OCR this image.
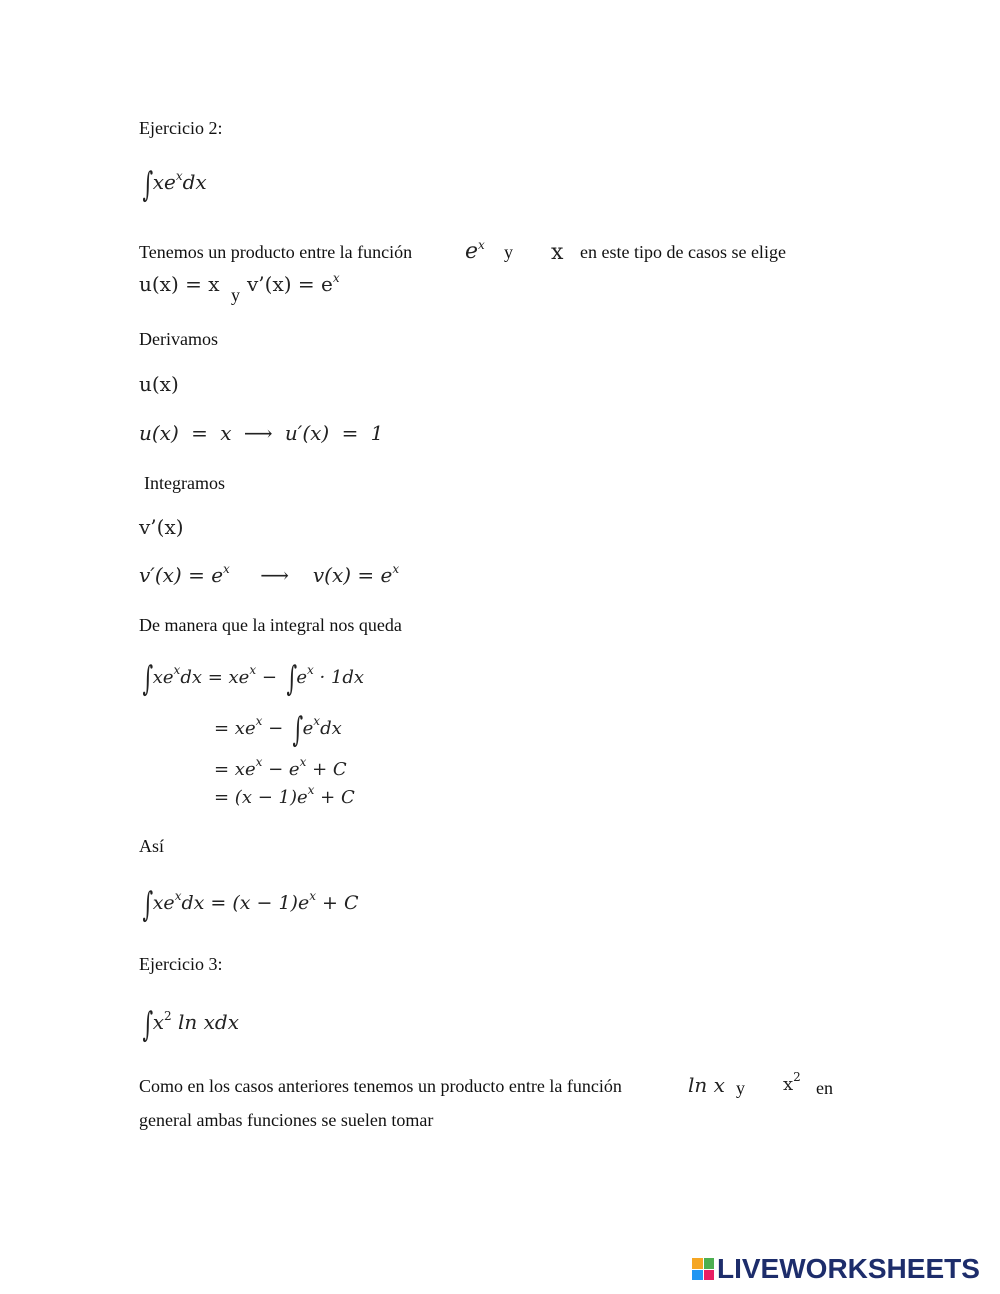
Ejercicio 2:
$\int xe^xdx$
Tenemos un producto entre la función $e^x$ y x en este tipo de casos se elige
u(x) = x y v’(x) = $e^x$
Derivamos
u(x)
u(x) = x ⟶ u′(x) = 1
Integramos
v’(x)
$v'(x) = e^x$ ⟶ $v(x) = e^x$
De manera que la integral nos queda
$\int xe^xdx = xe^x - \int e^x \cdot 1dx$
= $xe^x - \int e^xdx$
= $xe^x - e^x + C$
= $(x - 1)e^x + C$
Así
$\int xe^xdx = (x - 1)e^x + C$
Ejercicio 3:
$\int x^2$ ln xdx
Como en los casos anteriores tenemos un producto entre la función	ln x y $x^2$
en
general ambas funciones se suelen tomar
LIVEWORKSHEETS
